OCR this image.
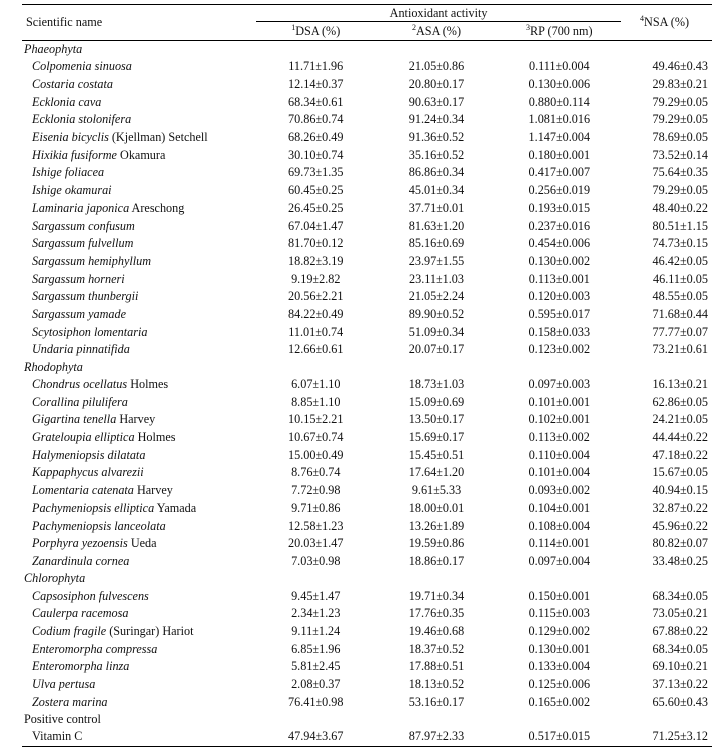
Scientific name	Antioxidant activity			$^4$NSA (%)
	$^1$DSA (%)	$^2$ASA (%)	$^3$RP (700 nm)	
Phaeophyta				
Colpomenia sinuosa	11.71±1.96	21.05±0.86	0.111±0.004	49.46±0.43
Costaria costata	12.14±0.37	20.80±0.17	0.130±0.006	29.83±0.21
Ecklonia cava	68.34±0.61	90.63±0.17	0.880±0.114	79.29±0.05
Ecklonia stolonifera	70.86±0.74	91.24±0.34	1.081±0.016	79.29±0.05
Eisenia bicyclis (Kjellman) Setchell	68.26±0.49	91.36±0.52	1.147±0.004	78.69±0.05
Hixikia fusiforme Okamura	30.10±0.74	35.16±0.52	0.180±0.001	73.52±0.14
Ishige foliacea	69.73±1.35	86.86±0.34	0.417±0.007	75.64±0.35
Ishige okamurai	60.45±0.25	45.01±0.34	0.256±0.019	79.29±0.05
Laminaria japonica Areschong	26.45±0.25	37.71±0.01	0.193±0.015	48.40±0.22
Sargassum confusum	67.04±1.47	81.63±1.20	0.237±0.016	80.51±1.15
Sargassum fulvellum	81.70±0.12	85.16±0.69	0.454±0.006	74.73±0.15
Sargassum hemiphyllum	18.82±3.19	23.97±1.55	0.130±0.002	46.42±0.05
Sargassum horneri	9.19±2.82	23.11±1.03	0.113±0.001	46.11±0.05
Sargassum thunbergii	20.56±2.21	21.05±2.24	0.120±0.003	48.55±0.05
Sargassum yamade	84.22±0.49	89.90±0.52	0.595±0.017	71.68±0.44
Scytosiphon lomentaria	11.01±0.74	51.09±0.34	0.158±0.033	77.77±0.07
Undaria pinnatifida	12.66±0.61	20.07±0.17	0.123±0.002	73.21±0.61
Rhodophyta				
Chondrus ocellatus Holmes	6.07±1.10	18.73±1.03	0.097±0.003	16.13±0.21
Corallina pilulifera	8.85±1.10	15.09±0.69	0.101±0.001	62.86±0.05
Gigartina tenella Harvey	10.15±2.21	13.50±0.17	0.102±0.001	24.21±0.05
Grateloupia elliptica Holmes	10.67±0.74	15.69±0.17	0.113±0.002	44.44±0.22
Halymeniopsis dilatata	15.00±0.49	15.45±0.51	0.110±0.004	47.18±0.22
Kappaphycus alvarezii	8.76±0.74	17.64±1.20	0.101±0.004	15.67±0.05
Lomentaria catenata Harvey	7.72±0.98	9.61±5.33	0.093±0.002	40.94±0.15
Pachymeniopsis elliptica Yamada	9.71±0.86	18.00±0.01	0.104±0.001	32.87±0.22
Pachymeniopsis lanceolata	12.58±1.23	13.26±1.89	0.108±0.004	45.96±0.22
Porphyra yezoensis Ueda	20.03±1.47	19.59±0.86	0.114±0.001	80.82±0.07
Zanardinula cornea	7.03±0.98	18.86±0.17	0.097±0.004	33.48±0.25
Chlorophyta				
Capsosiphon fulvescens	9.45±1.47	19.71±0.34	0.150±0.001	68.34±0.05
Caulerpa racemosa	2.34±1.23	17.76±0.35	0.115±0.003	73.05±0.21
Codium fragile (Suringar) Hariot	9.11±1.24	19.46±0.68	0.129±0.002	67.88±0.22
Enteromorpha compressa	6.85±1.96	18.37±0.52	0.130±0.001	68.34±0.05
Enteromorpha linza	5.81±2.45	17.88±0.51	0.133±0.004	69.10±0.21
Ulva pertusa	2.08±0.37	18.13±0.52	0.125±0.006	37.13±0.22
Zostera marina	76.41±0.98	53.16±0.17	0.165±0.002	65.60±0.43
Positive control				
Vitamin C	47.94±3.67	87.97±2.33	0.517±0.015	71.25±3.12
